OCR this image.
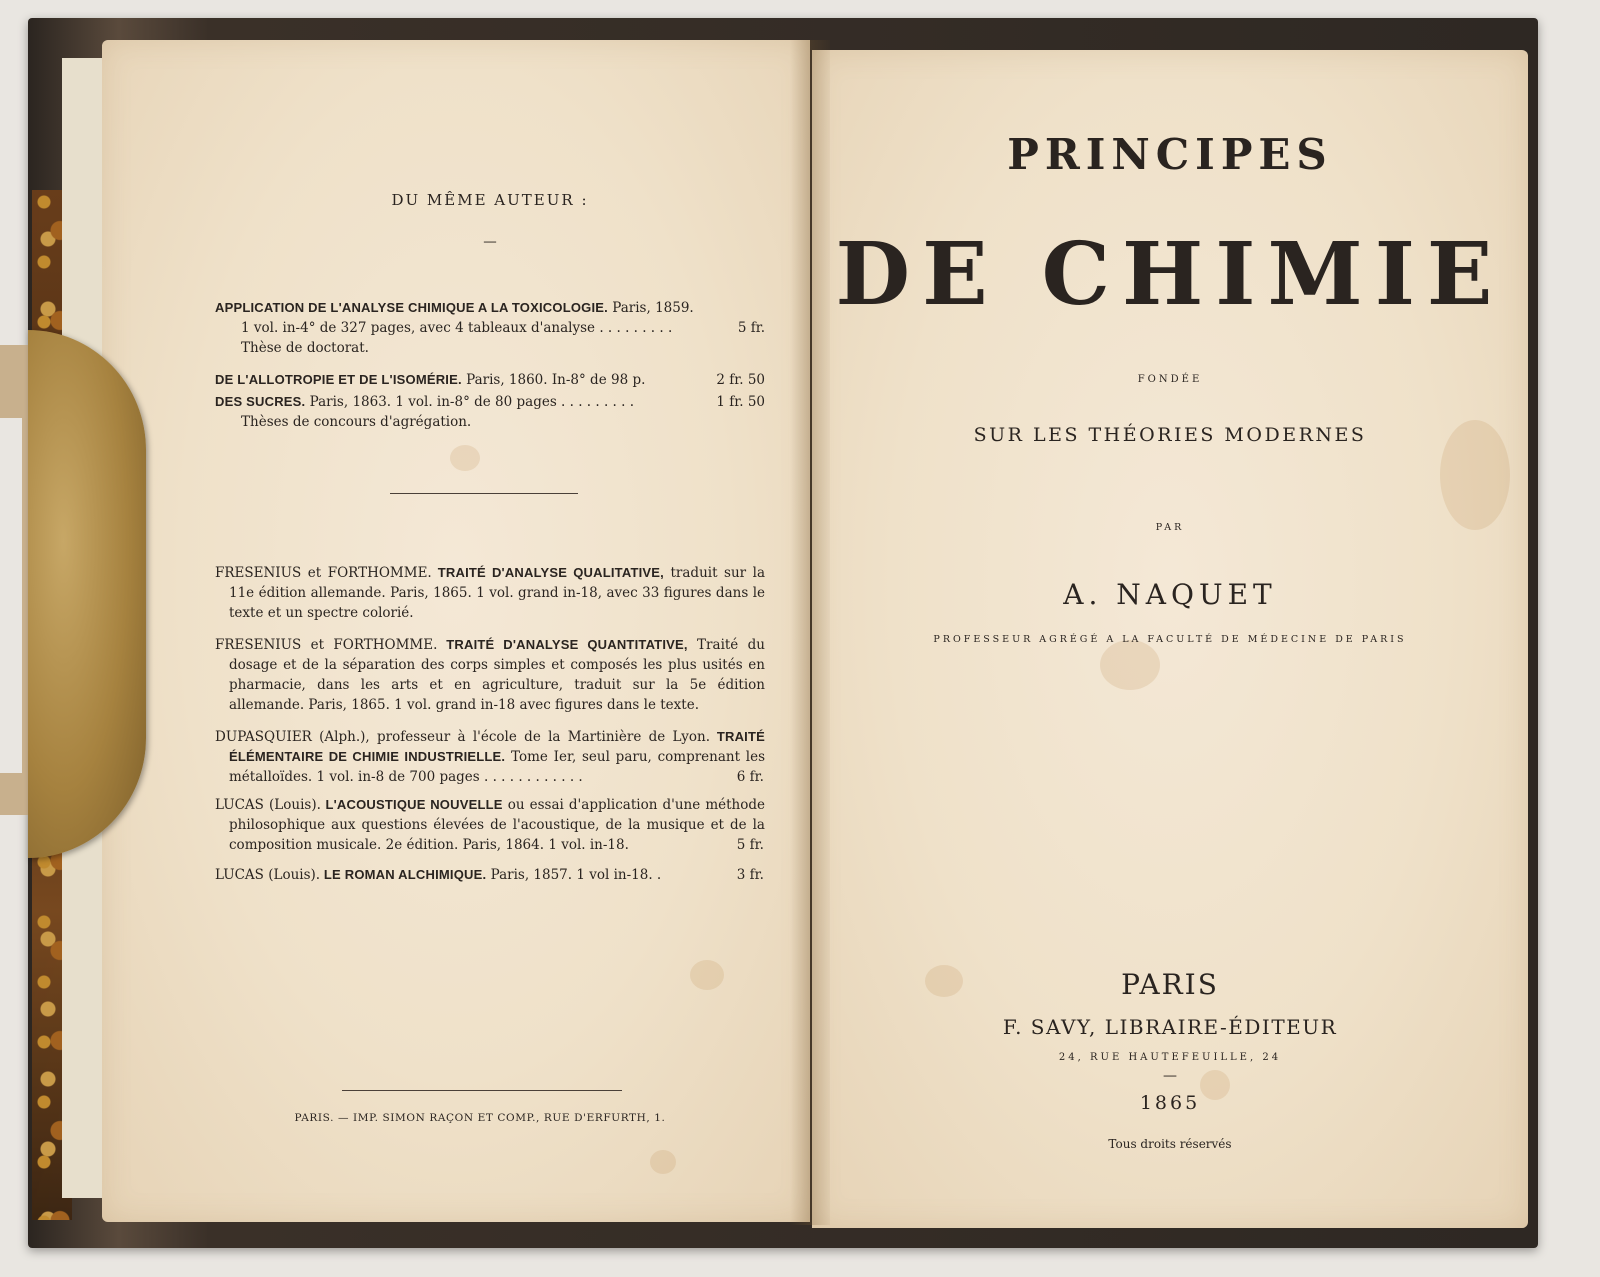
DU MÊME AUTEUR :
—
APPLICATION DE L'ANALYSE CHIMIQUE A LA TOXICOLOGIE. Paris, 1859.
1 vol. in-4° de 327 pages, avec 4 tableaux d'analyse . . . . . . . . .	5 fr.
Thèse de doctorat.
DE L'ALLOTROPIE ET DE L'ISOMÉRIE. Paris, 1860. In-8° de 98 p.	2 fr. 50
DES SUCRES. Paris, 1863. 1 vol. in-8° de 80 pages . . . . . . . . .	1 fr. 50
Thèses de concours d'agrégation.
FRESENIUS et FORTHOMME. TRAITÉ D'ANALYSE QUALITATIVE, traduit sur la 11e édition allemande. Paris, 1865. 1 vol. grand in-18, avec 33 figures dans le texte et un spectre colorié.
FRESENIUS et FORTHOMME. TRAITÉ D'ANALYSE QUANTITATIVE, Traité du dosage et de la séparation des corps simples et composés les plus usités en pharmacie, dans les arts et en agriculture, traduit sur la 5e édition allemande. Paris, 1865. 1 vol. grand in-18 avec figures dans le texte.
DUPASQUIER (Alph.), professeur à l'école de la Martinière de Lyon. TRAITÉ ÉLÉMENTAIRE DE CHIMIE INDUSTRIELLE. Tome Ier, seul paru, comprenant les métalloïdes. 1 vol. in-8 de 700 pages . . . . . . . . . . . .	6 fr.
LUCAS (Louis). L'ACOUSTIQUE NOUVELLE ou essai d'application d'une méthode philosophique aux questions élevées de l'acoustique, de la musique et de la composition musicale. 2e édition. Paris, 1864. 1 vol. in-18.	5 fr.
LUCAS (Louis). LE ROMAN ALCHIMIQUE. Paris, 1857. 1 vol in-18. .	3 fr.
PARIS. — IMP. SIMON RAÇON ET COMP., RUE D'ERFURTH, 1.
PRINCIPES
DE CHIMIE
FONDÉE
SUR LES THÉORIES MODERNES
PAR
A. NAQUET
PROFESSEUR AGRÉGÉ A LA FACULTÉ DE MÉDECINE DE PARIS
PARIS
F. SAVY, LIBRAIRE-ÉDITEUR
24, RUE HAUTEFEUILLE, 24
—
1865
Tous droits réservés
